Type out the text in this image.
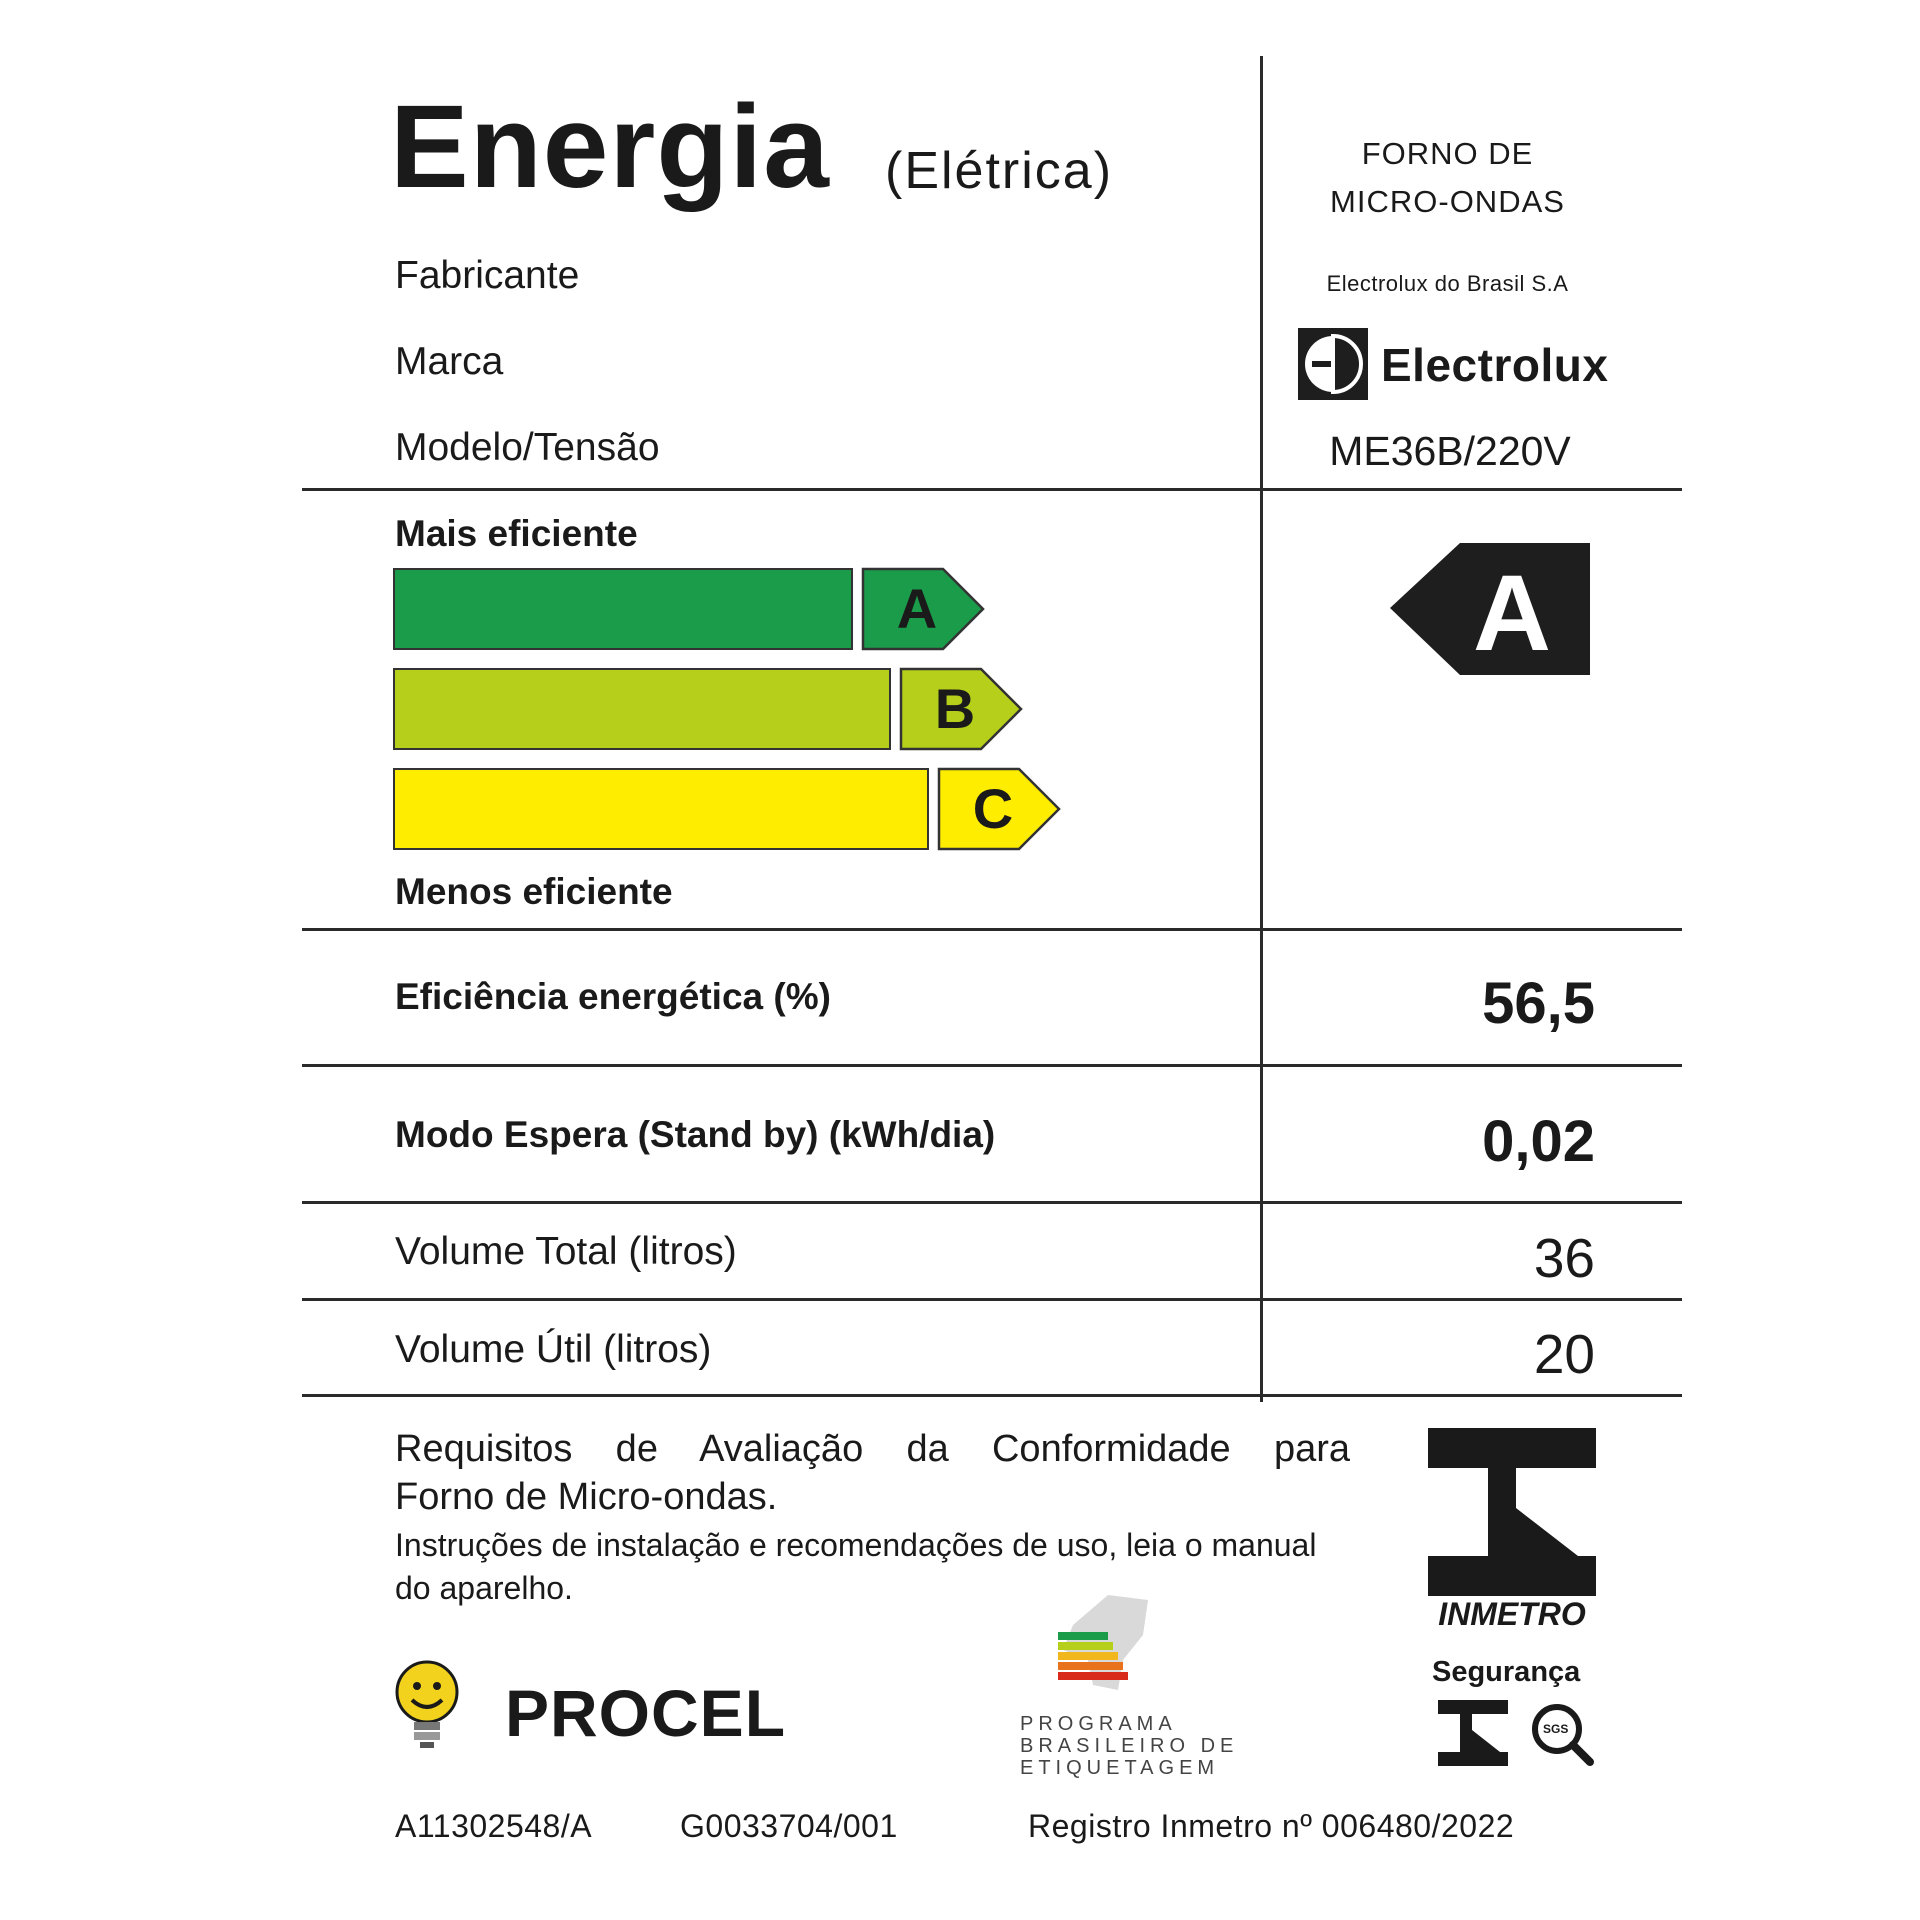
Energia (Elétrica)	FORNO DE
MICRO-ONDAS
Fabricante	Electrolux do Brasil S.A
Marca	Electrolux
Modelo/Tensão	ME36B/220V
Mais eficiente
Menos eficiente
A
B
C
A
Eficiência energética (%)	56,5
Modo Espera (Stand by) (kWh/dia)	0,02
Volume Total (litros)	36
Volume Útil (litros)	20
Requisitos de Avaliação da Conformidade para
Forno de Micro-ondas.
Instruções de instalação e recomendações de uso, leia o manual do aparelho.
INMETRO
Segurança
SGS
PROCEL	PROGRAMA
BRASILEIRO DE
ETIQUETAGEM
A11302548/A	G0033704/001	Registro Inmetro nº 006480/2022
